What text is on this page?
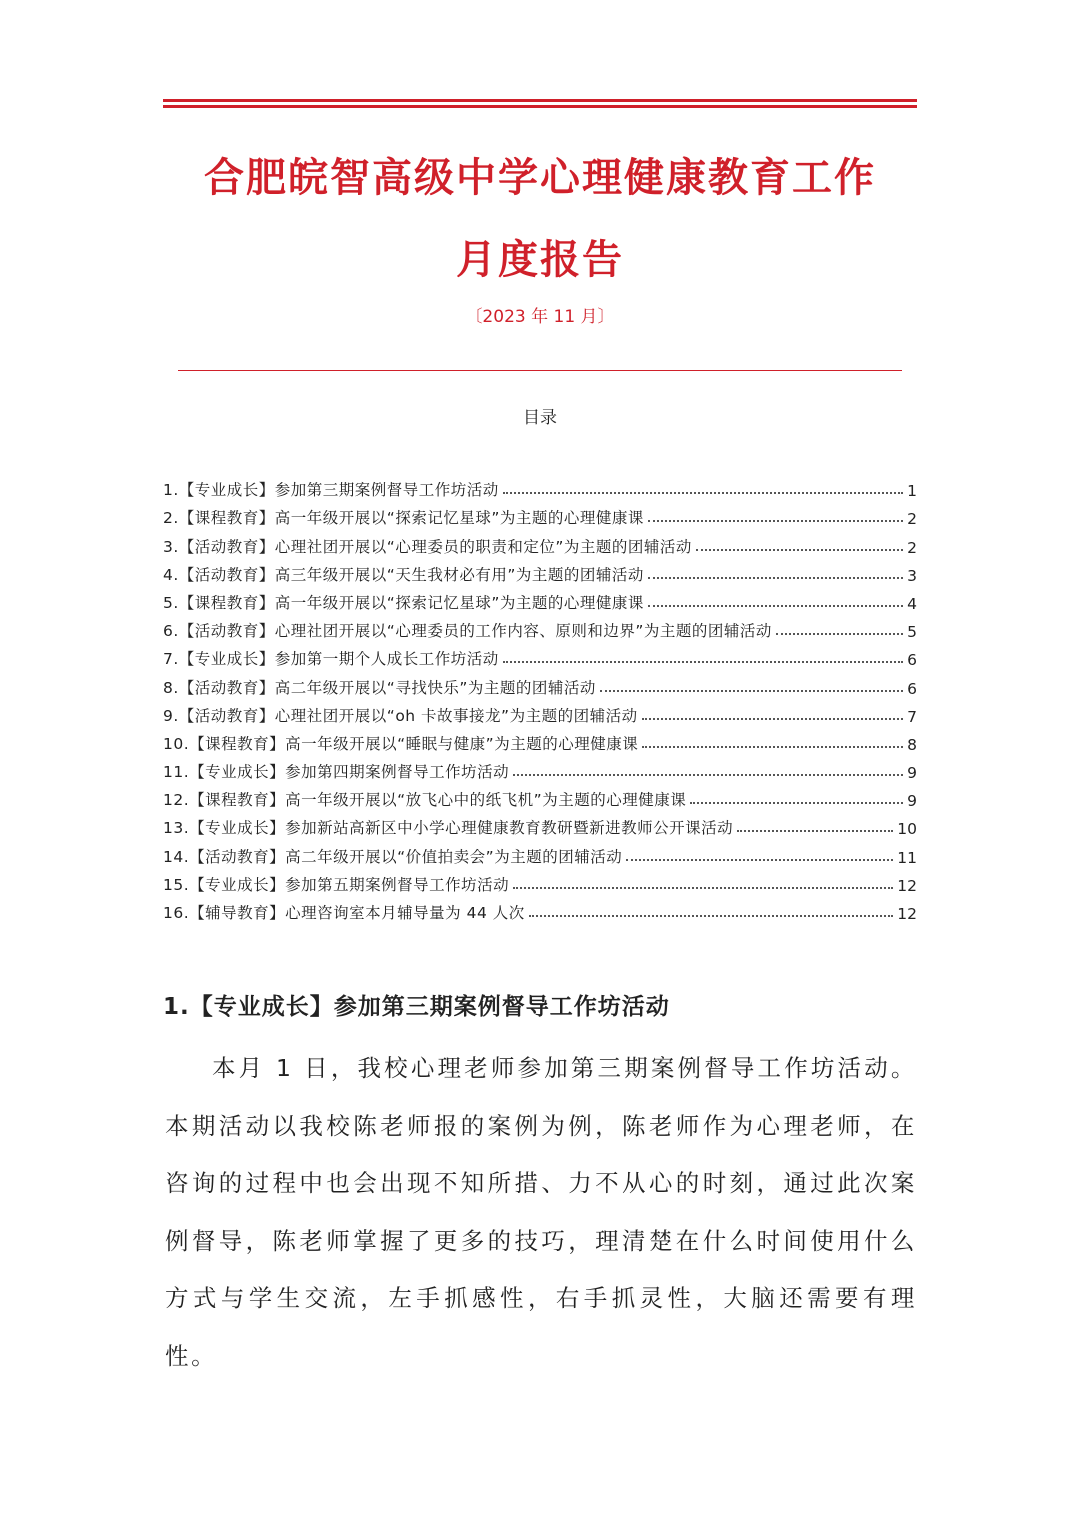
合肥皖智高级中学心理健康教育工作
月度报告
〔2023 年 11 月〕
目录
1.【专业成长】参加第三期案例督导工作坊活动	1
2.【课程教育】高一年级开展以“探索记忆星球”为主题的心理健康课	2
3.【活动教育】心理社团开展以“心理委员的职责和定位”为主题的团辅活动	2
4.【活动教育】高三年级开展以“天生我材必有用”为主题的团辅活动	3
5.【课程教育】高一年级开展以“探索记忆星球”为主题的心理健康课	4
6.【活动教育】心理社团开展以“心理委员的工作内容、原则和边界”为主题的团辅活动	5
7.【专业成长】参加第一期个人成长工作坊活动	6
8.【活动教育】高二年级开展以“寻找快乐”为主题的团辅活动	6
9.【活动教育】心理社团开展以“oh 卡故事接龙”为主题的团辅活动	7
10.【课程教育】高一年级开展以“睡眠与健康”为主题的心理健康课	8
11.【专业成长】参加第四期案例督导工作坊活动	9
12.【课程教育】高一年级开展以“放飞心中的纸飞机”为主题的心理健康课	9
13.【专业成长】参加新站高新区中小学心理健康教育教研暨新进教师公开课活动	10
14.【活动教育】高二年级开展以“价值拍卖会”为主题的团辅活动	11
15.【专业成长】参加第五期案例督导工作坊活动	12
16.【辅导教育】心理咨询室本月辅导量为 44 人次	12
1.【专业成长】参加第三期案例督导工作坊活动
本月 1 日，我校心理老师参加第三期案例督导工作坊活动。本期活动以我校陈老师报的案例为例，陈老师作为心理老师，在咨询的过程中也会出现不知所措、力不从心的时刻，通过此次案例督导，陈老师掌握了更多的技巧，理清楚在什么时间使用什么方式与学生交流，左手抓感性，右手抓灵性，大脑还需要有理性。
